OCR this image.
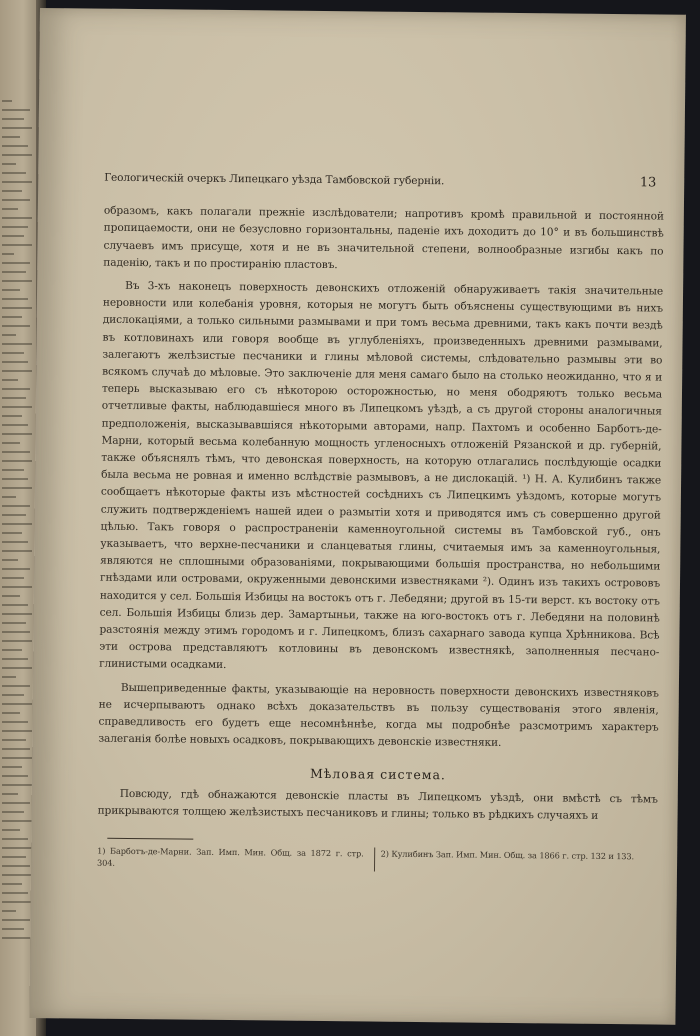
Геологическій очеркъ Липецкаго уѣзда Тамбовской губерніи.	13

образомъ, какъ полагали прежніе изслѣдователи; напротивъ кромѣ правильной и постоянной пропицаемости, они не безусловно горизонтальны, паденіе ихъ доходитъ до 10° и въ большинствѣ случаевъ имъ присуще, хотя и не въ значительной степени, волнообразные изгибы какъ по паденію, такъ и по простиранію пластовъ.

Въ 3-хъ наконецъ поверхность девонскихъ отложеній обнаруживаетъ такія значительные неровности или колебанія уровня, которыя не могутъ быть объяснены существующими въ нихъ дислокаціями, а только сильными размывами и при томъ весьма древними, такъ какъ почти вездѣ въ котловинахъ или говоря вообще въ углубленіяхъ, произведенныхъ древними размывами, залегаютъ желѣзистые песчаники и глины мѣловой системы, слѣдовательно размывы эти во всякомъ случаѣ до мѣловые. Это заключеніе для меня самаго было на столько неожиданно, что я и теперь высказываю его съ нѣкоторою осторожностью, но меня ободряютъ только весьма отчетливые факты, наблюдавшіеся много въ Липецкомъ уѣздѣ, а съ другой стороны аналогичныя предположенія, высказывавшіяся нѣкоторыми авторами, напр. Пахтомъ и особенно Барботъ-де-Марни, который весьма колебанную мощность угленосныхъ отложеній Рязанской и др. губерній, также объяснялъ тѣмъ, что девонская поверхность, на которую отлагались послѣдующіе осадки была весьма не ровная и именно вслѣдствіе размывовъ, а не дислокацій. ¹) Н. А. Кулибинъ также сообщаетъ нѣкоторые факты изъ мѣстностей сосѣднихъ съ Липецкимъ уѣздомъ, которые могутъ служить подтвержденіемъ нашей идеи о размытіи хотя и приводятся имъ съ совершенно другой цѣлью. Такъ говоря о распространеніи каменноугольной системы въ Тамбовской губ., онъ указываетъ, что верхне-песчаники и сланцеватыя глины, считаемыя имъ за каменноугольныя, являются не сплошными образованіями, покрывающими большія пространства, но небольшими гнѣздами или островами, окруженными девонскими известняками ²). Одинъ изъ такихъ острововъ находится у сел. Большія Избицы на востокъ отъ г. Лебедяни; другой въ 15-ти верст. къ востоку отъ сел. Большія Избицы близь дер. Замартыньи, также на юго-востокъ отъ г. Лебедяни на половинѣ разстоянія между этимъ городомъ и г. Липецкомъ, близъ сахарнаго завода купца Хрѣнникова. Всѣ эти острова представляютъ котловины въ девонскомъ известнякѣ, заполненныя песчано-глинистыми осадками.

Вышеприведенные факты, указывающіе на неровность поверхности девонскихъ известняковъ не исчерпываютъ однако всѣхъ доказательствъ въ пользу существованія этого явленія, справедливость его будетъ еще несомнѣннѣе, когда мы подробнѣе разсмотримъ характеръ залеганія болѣе новыхъ осадковъ, покрывающихъ девонскіе известняки.

Мѣловая система.

Повсюду, гдѣ обнажаются девонскіе пласты въ Липецкомъ уѣздѣ, они вмѣстѣ съ тѣмъ прикрываются толщею желѣзистыхъ песчаниковъ и глины; только въ рѣдкихъ случаяхъ и

1) Барботъ-де-Марни. Зап. Имп. Мин. Общ. за 1872 г. стр. 304.
2) Кулибинъ Зап. Имп. Мин. Общ. за 1866 г. стр. 132 и 133.
